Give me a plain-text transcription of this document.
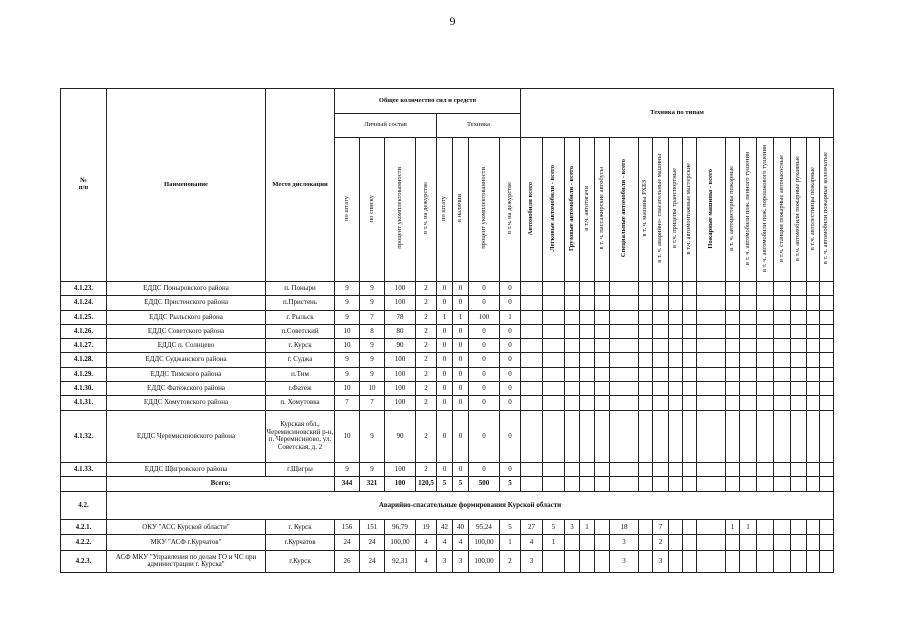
9
№
п/п	Наименование	Место дислокации	Общее количество сил и средств								Техника по типам																	
			Личный состав				Техника																					
			по штату	по списку	процент укомплектованности	в т.ч. на дежурстве	по штату	в наличии	процент укомплектованности	в т.ч. на дежурстве	Автомобили всего	Легковые автомобили - всего	Грузовые автомобили - всего	в т.ч. автотягачи	в т. ч. пассажирские автобусы	Специальные автомобили - всего	в т. ч. машины РХБЗ	в т. ч. аварийно- спасательные машины	в т.ч. прицепы транспортные	в т.ч. автомонтажные мастерские	Пожарные машины - всего	в т. ч. автоцистерны пожарные	в т. ч. автомобили пож. пенного тушения	в т. ч. автомобили пож. порошкового тушения	в т.ч. станции пожарные автонасосные	в т.ч. автомобили пожарные рукавные	в т.ч. автолестницы пожарные	в т. ч. автомобили пожарные коленчатые
4.1.23.	ЕДДС Поныровского района	п. Поныри	9	9	100	2	0	0	0	0																		
4.1.24.	ЕДДС Пристенского района	п.Пристень	9	9	100	2	0	0	0	0																		
4.1.25.	ЕДДС Рыльского района	г. Рыльск	9	7	78	2	1	1	100	1																		
4.1.26.	ЕДДС Советского района	п.Советский	10	8	80	2	0	0	0	0																		
4.1.27.	ЕДДС п. Солнцево	г. Курск	10	9	90	2	0	0	0	0																		
4.1.28.	ЕДДС Суджанского района	г. Суджа	9	9	100	2	0	0	0	0																		
4.1.29.	ЕДДС Тимского района	п.Тим	9	9	100	2	0	0	0	0																		
4.1.30.	ЕДДС Фатежского района	г.Фатеж	10	10	100	2	0	0	0	0																		
4.1.31.	ЕДДС Хомутовского района	п. Хомутовка	7	7	100	2	0	0	0	0																		
4.1.32.	ЕДДС Черемисиновского района	Курская обл., Черемисиновский р-н, п. Черемисиново, ул. Советская, д. 2	10	9	90	2	0	0	0	0																		
4.1.33.	ЕДДС Щигровского района	г.Щигры	9	9	100	2	0	0	0	0																		
	Всего:		344	321	100	120,5	5	5	500	5																		
4.2.	Аварийно-спасательные формирования Курской области																											
4.2.1.	ОКУ "АСС Курской области"	г. Курск	156	151	96,79	19	42	40	95,24	5	27	5	3	1		18		7				1	1					
4.2.2.	МКУ "АСФ г.Курчатов"	г.Курчатов	24	24	100,00	4	4	4	100,00	1	4	1				3		2										
4.2.3.	АСФ МКУ "Управления по делам ГО и ЧС при администрации г. Курска"	г.Курск	26	24	92,31	4	3	3	100,00	2	3					3		3										
